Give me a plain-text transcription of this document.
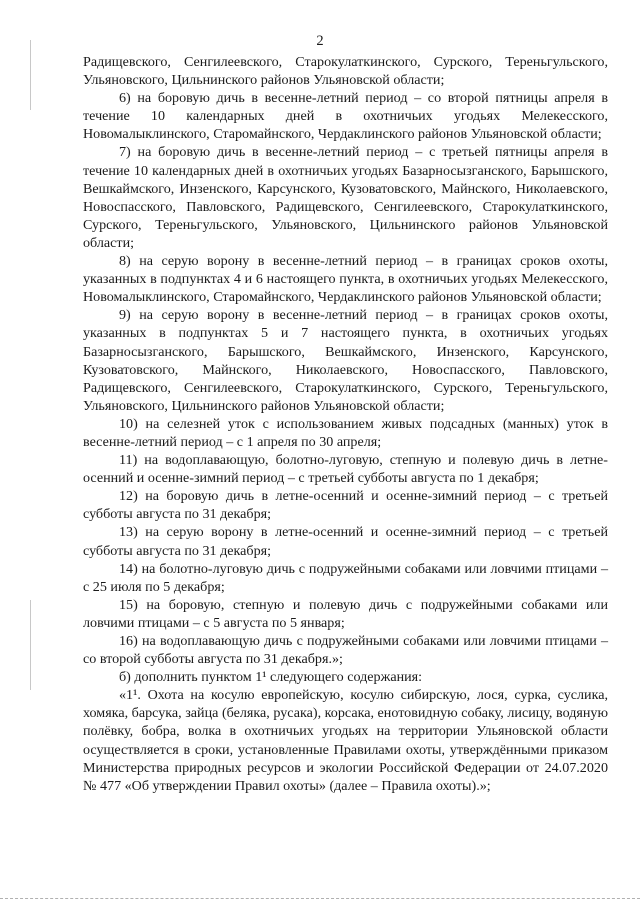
2

Радищевского, Сенгилеевского, Старокулаткинского, Сурского, Тереньгульского, Ульяновского, Цильнинского районов Ульяновской области;

6) на боровую дичь в весенне-летний период – со второй пятницы апреля в течение 10 календарных дней в охотничьих угодьях Мелекесского, Новомалыклинского, Старомайнского, Чердаклинского районов Ульяновской области;

7) на боровую дичь в весенне-летний период – с третьей пятницы апреля в течение 10 календарных дней в охотничьих угодьях Базарносызганского, Барышского, Вешкаймского, Инзенского, Карсунского, Кузоватовского, Майнского, Николаевского, Новоспасского, Павловского, Радищевского, Сенгилеевского, Старокулаткинского, Сурского, Тереньгульского, Ульяновского, Цильнинского районов Ульяновской области;

8) на серую ворону в весенне-летний период – в границах сроков охоты, указанных в подпунктах 4 и 6 настоящего пункта, в охотничьих угодьях Мелекесского, Новомалыклинского, Старомайнского, Чердаклинского районов Ульяновской области;

9) на серую ворону в весенне-летний период – в границах сроков охоты, указанных в подпунктах 5 и 7 настоящего пункта, в охотничьих угодьях Базарносызганского, Барышского, Вешкаймского, Инзенского, Карсунского, Кузоватовского, Майнского, Николаевского, Новоспасского, Павловского, Радищевского, Сенгилеевского, Старокулаткинского, Сурского, Тереньгульского, Ульяновского, Цильнинского районов Ульяновской области;

10) на селезней уток с использованием живых подсадных (манных) уток в весенне-летний период – с 1 апреля по 30 апреля;

11) на водоплавающую, болотно-луговую, степную и полевую дичь в летне-осенний и осенне-зимний период – с третьей субботы августа по 1 декабря;

12) на боровую дичь в летне-осенний и осенне-зимний период – с третьей субботы августа по 31 декабря;

13) на серую ворону в летне-осенний и осенне-зимний период – с третьей субботы августа по 31 декабря;

14) на болотно-луговую дичь с подружейными собаками или ловчими птицами – с 25 июля по 5 декабря;

15) на боровую, степную и полевую дичь с подружейными собаками или ловчими птицами – с 5 августа по 5 января;

16) на водоплавающую дичь с подружейными собаками или ловчими птицами – со второй субботы августа по 31 декабря.»;

б) дополнить пунктом 1¹ следующего содержания:

«1¹. Охота на косулю европейскую, косулю сибирскую, лося, сурка, суслика, хомяка, барсука, зайца (беляка, русака), корсака, енотовидную собаку, лисицу, водяную полёвку, бобра, волка в охотничьих угодьях на территории Ульяновской области осуществляется в сроки, установленные Правилами охоты, утверждёнными приказом Министерства природных ресурсов и экологии Российской Федерации от 24.07.2020 № 477 «Об утверждении Правил охоты» (далее – Правила охоты).»;
